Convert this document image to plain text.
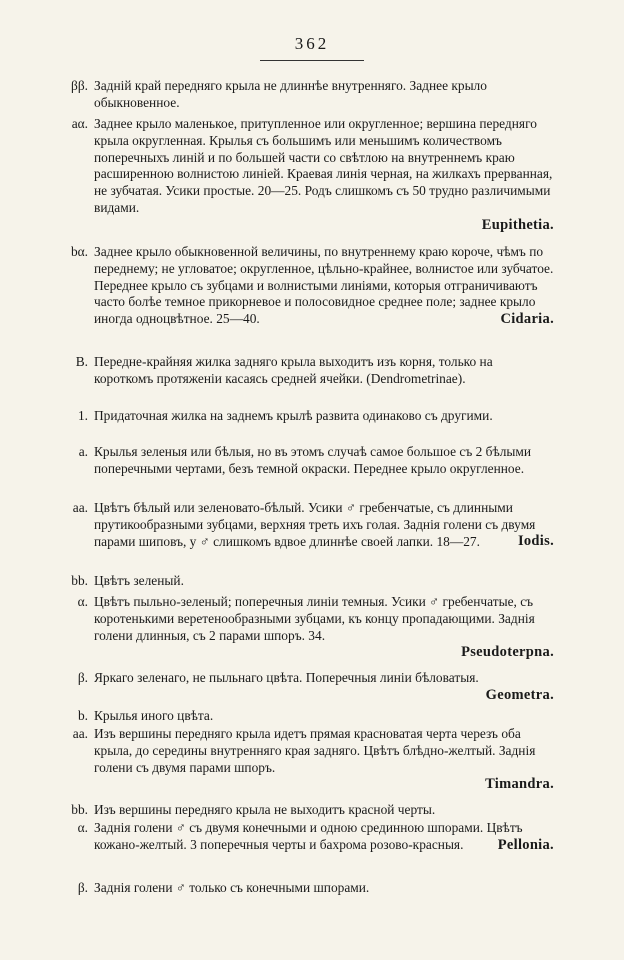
362
ββ. Задній край передняго крыла не длиннѣе внутренняго. Заднее крыло обыкновенное.
aα. Заднее крыло маленькое, притупленное или округленное; вершина передняго крыла округленная. Крылья съ большимъ или меньшимъ количествомъ поперечныхъ линій и по большей части со свѣтлою на внутреннемъ краю расширенною волнистою линіей. Краевая линія черная, на жилкахъ прерванная, не зубчатая. Усики простые. 20—25. Родъ слишкомъ съ 50 трудно различимыми видами.
Eupithetia.
bα. Заднее крыло обыкновенной величины, по внутреннему краю короче, чѣмъ по переднему; не угловатое; округленное, цѣльно-крайнее, волнистое или зубчатое. Переднее крыло съ зубцами и волнистыми линіями, которыя отграничиваютъ часто болѣе темное прикорневое и полосовидное среднее поле; заднее крыло иногда одноцвѣтное. 25—40.	Cidaria.
B. Передне-крайняя жилка задняго крыла выходитъ изъ корня, только на короткомъ протяженіи касаясь средней ячейки. (Dendrometrinae).
1. Придаточная жилка на заднемъ крылѣ развита одинаково съ другими.
a. Крылья зеленыя или бѣлыя, но въ этомъ случаѣ самое большое съ 2 бѣлыми поперечными чертами, безъ темной окраски. Переднее крыло округленное.
aa. Цвѣтъ бѣлый или зеленовато-бѣлый. Усики ♂ гребенчатые, съ длинными прутикообразными зубцами, верхняя треть ихъ голая. Заднія голени съ двумя парами шиповъ, у ♂ слишкомъ вдвое длиннѣе своей лапки. 18—27.	Iodis.
bb. Цвѣтъ зеленый.
α. Цвѣтъ пыльно-зеленый; поперечныя линіи темныя. Усики ♂ гребенчатые, съ коротенькими веретенообразными зубцами, къ концу пропадающими. Заднія голени длинныя, съ 2 парами шпоръ. 34.
Pseudoterpna.
β. Яркаго зеленаго, не пыльнаго цвѣта. Поперечныя линіи бѣловатыя.
Geometra.
b. Крылья иного цвѣта.
aa. Изъ вершины передняго крыла идетъ прямая красноватая черта черезъ оба крыла, до середины внутренняго края задняго. Цвѣтъ блѣдно-желтый. Заднія голени съ двумя парами шпоръ.
Timandra.
bb. Изъ вершины передняго крыла не выходитъ красной черты.
α. Заднія голени ♂ съ двумя конечными и одною срединною шпорами. Цвѣтъ кожано-желтый. 3 поперечныя черты и бахрома розово-красныя.	Pellonia.
β. Заднія голени ♂ только съ конечными шпорами.
